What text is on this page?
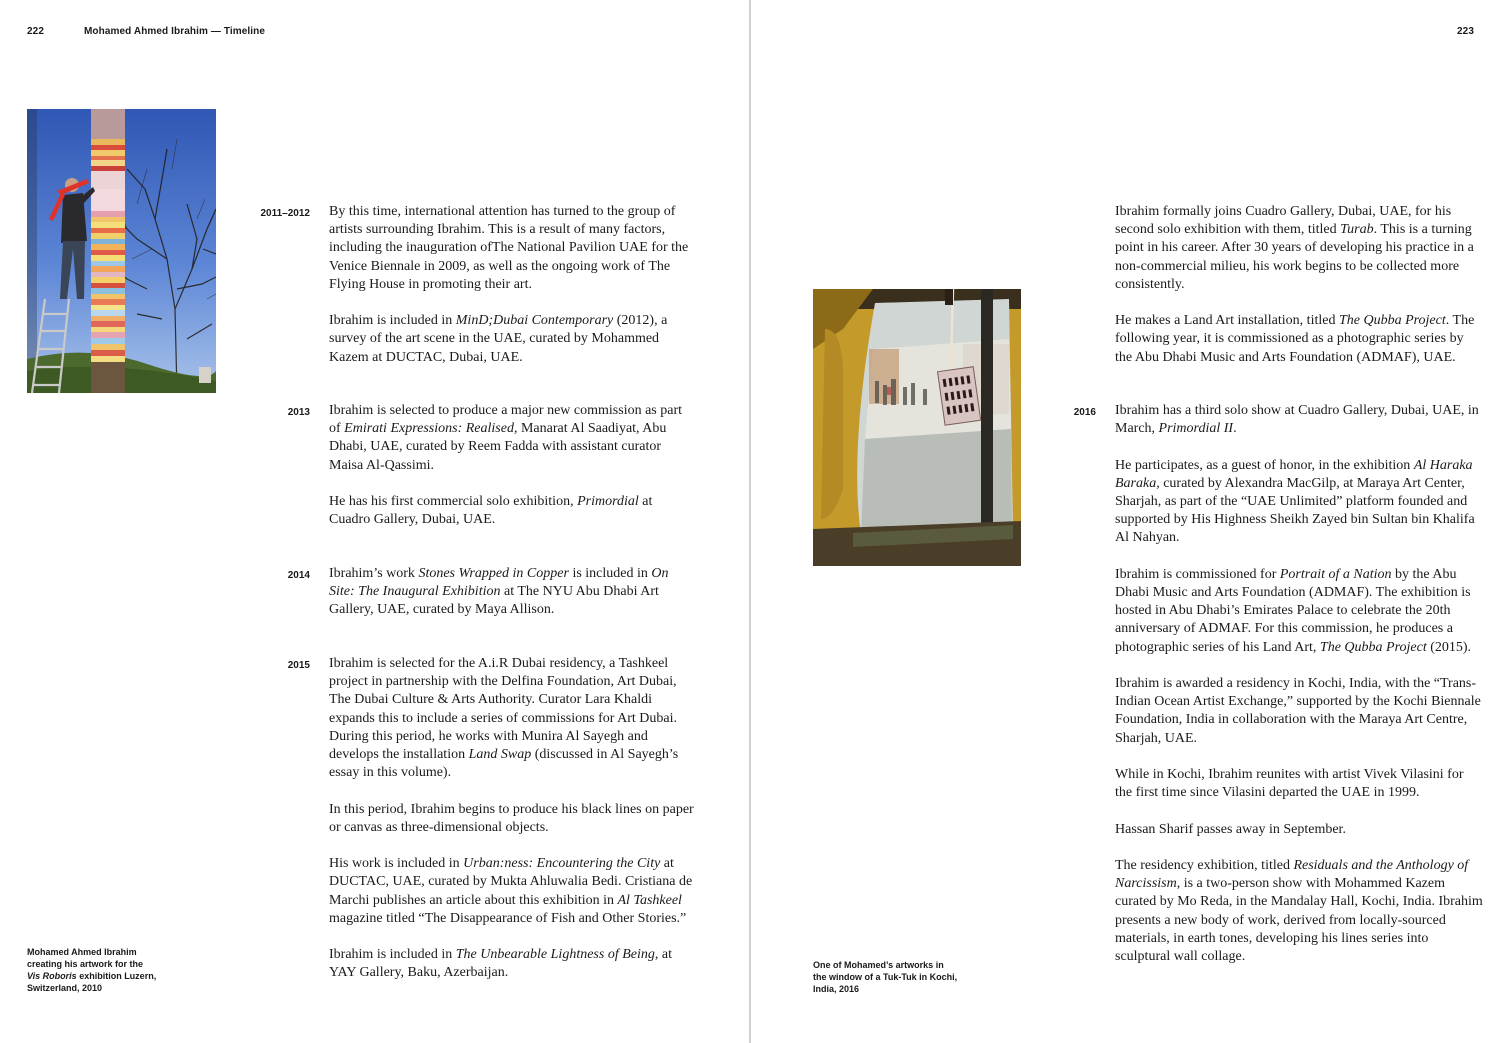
222	Mohamed Ahmed Ibrahim — Timeline
Mohamed Ahmed Ibrahim
creating his artwork for the
Vis Roboris exhibition Luzern,
Switzerland, 2010
2011–2012 By this time, international attention has turned to the group of artists surrounding Ibrahim. This is a result of many factors, including the inauguration ofThe National Pavilion UAE for the Venice Biennale in 2009, as well as the ongoing work of The Flying House in promoting their art.

Ibrahim is included in MinD;Dubai Contemporary (2012), a survey of the art scene in the UAE, curated by Mohammed Kazem at DUCTAC, Dubai, UAE.

2013 Ibrahim is selected to produce a major new commission as part of Emirati Expressions: Realised, Manarat Al Saadiyat, Abu Dhabi, UAE, curated by Reem Fadda with assistant curator Maisa Al-Qassimi.

He has his first commercial solo exhibition, Primordial at Cuadro Gallery, Dubai, UAE.

2014 Ibrahim’s work Stones Wrapped in Copper is included in On Site: The Inaugural Exhibition at The NYU Abu Dhabi Art Gallery, UAE, curated by Maya Allison.

2015 Ibrahim is selected for the A.i.R Dubai residency, a Tashkeel project in partnership with the Delfina Foundation, Art Dubai, The Dubai Culture & Arts Authority. Curator Lara Khaldi expands this to include a series of commissions for Art Dubai. During this period, he works with Munira Al Sayegh and develops the installation Land Swap (discussed in Al Sayegh’s essay in this volume).

In this period, Ibrahim begins to produce his black lines on paper or canvas as three-dimensional objects.

His work is included in Urban:ness: Encountering the City at DUCTAC, UAE, curated by Mukta Ahluwalia Bedi. Cristiana de Marchi publishes an article about this exhibition in Al Tashkeel magazine titled “The Disappearance of Fish and Other Stories.”

Ibrahim is included in The Unbearable Lightness of Being, at YAY Gallery, Baku, Azerbaijan.

223
One of Mohamed’s artworks in
the window of a Tuk-Tuk in Kochi,
India, 2016

Ibrahim formally joins Cuadro Gallery, Dubai, UAE, for his second solo exhibition with them, titled Turab. This is a turning point in his career. After 30 years of developing his practice in a non-commercial milieu, his work begins to be collected more consistently.

He makes a Land Art installation, titled The Qubba Project. The following year, it is commissioned as a photographic series by the Abu Dhabi Music and Arts Foundation (ADMAF), UAE.

2016 Ibrahim has a third solo show at Cuadro Gallery, Dubai, UAE, in March, Primordial II.

He participates, as a guest of honor, in the exhibition Al Haraka Baraka, curated by Alexandra MacGilp, at Maraya Art Center, Sharjah, as part of the “UAE Unlimited” platform founded and supported by His Highness Sheikh Zayed bin Sultan bin Khalifa Al Nahyan.

Ibrahim is commissioned for Portrait of a Nation by the Abu Dhabi Music and Arts Foundation (ADMAF). The exhibition is hosted in Abu Dhabi’s Emirates Palace to celebrate the 20th anniversary of ADMAF. For this commission, he produces a photographic series of his Land Art, The Qubba Project (2015).

Ibrahim is awarded a residency in Kochi, India, with the “Trans-Indian Ocean Artist Exchange,” supported by the Kochi Biennale Foundation, India in collaboration with the Maraya Art Centre, Sharjah, UAE.

While in Kochi, Ibrahim reunites with artist Vivek Vilasini for the first time since Vilasini departed the UAE in 1999.

Hassan Sharif passes away in September.

The residency exhibition, titled Residuals and the Anthology of Narcissism, is a two-person show with Mohammed Kazem curated by Mo Reda, in the Mandalay Hall, Kochi, India. Ibrahim presents a new body of work, derived from locally-sourced materials, in earth tones, developing his lines series into sculptural wall collage.
